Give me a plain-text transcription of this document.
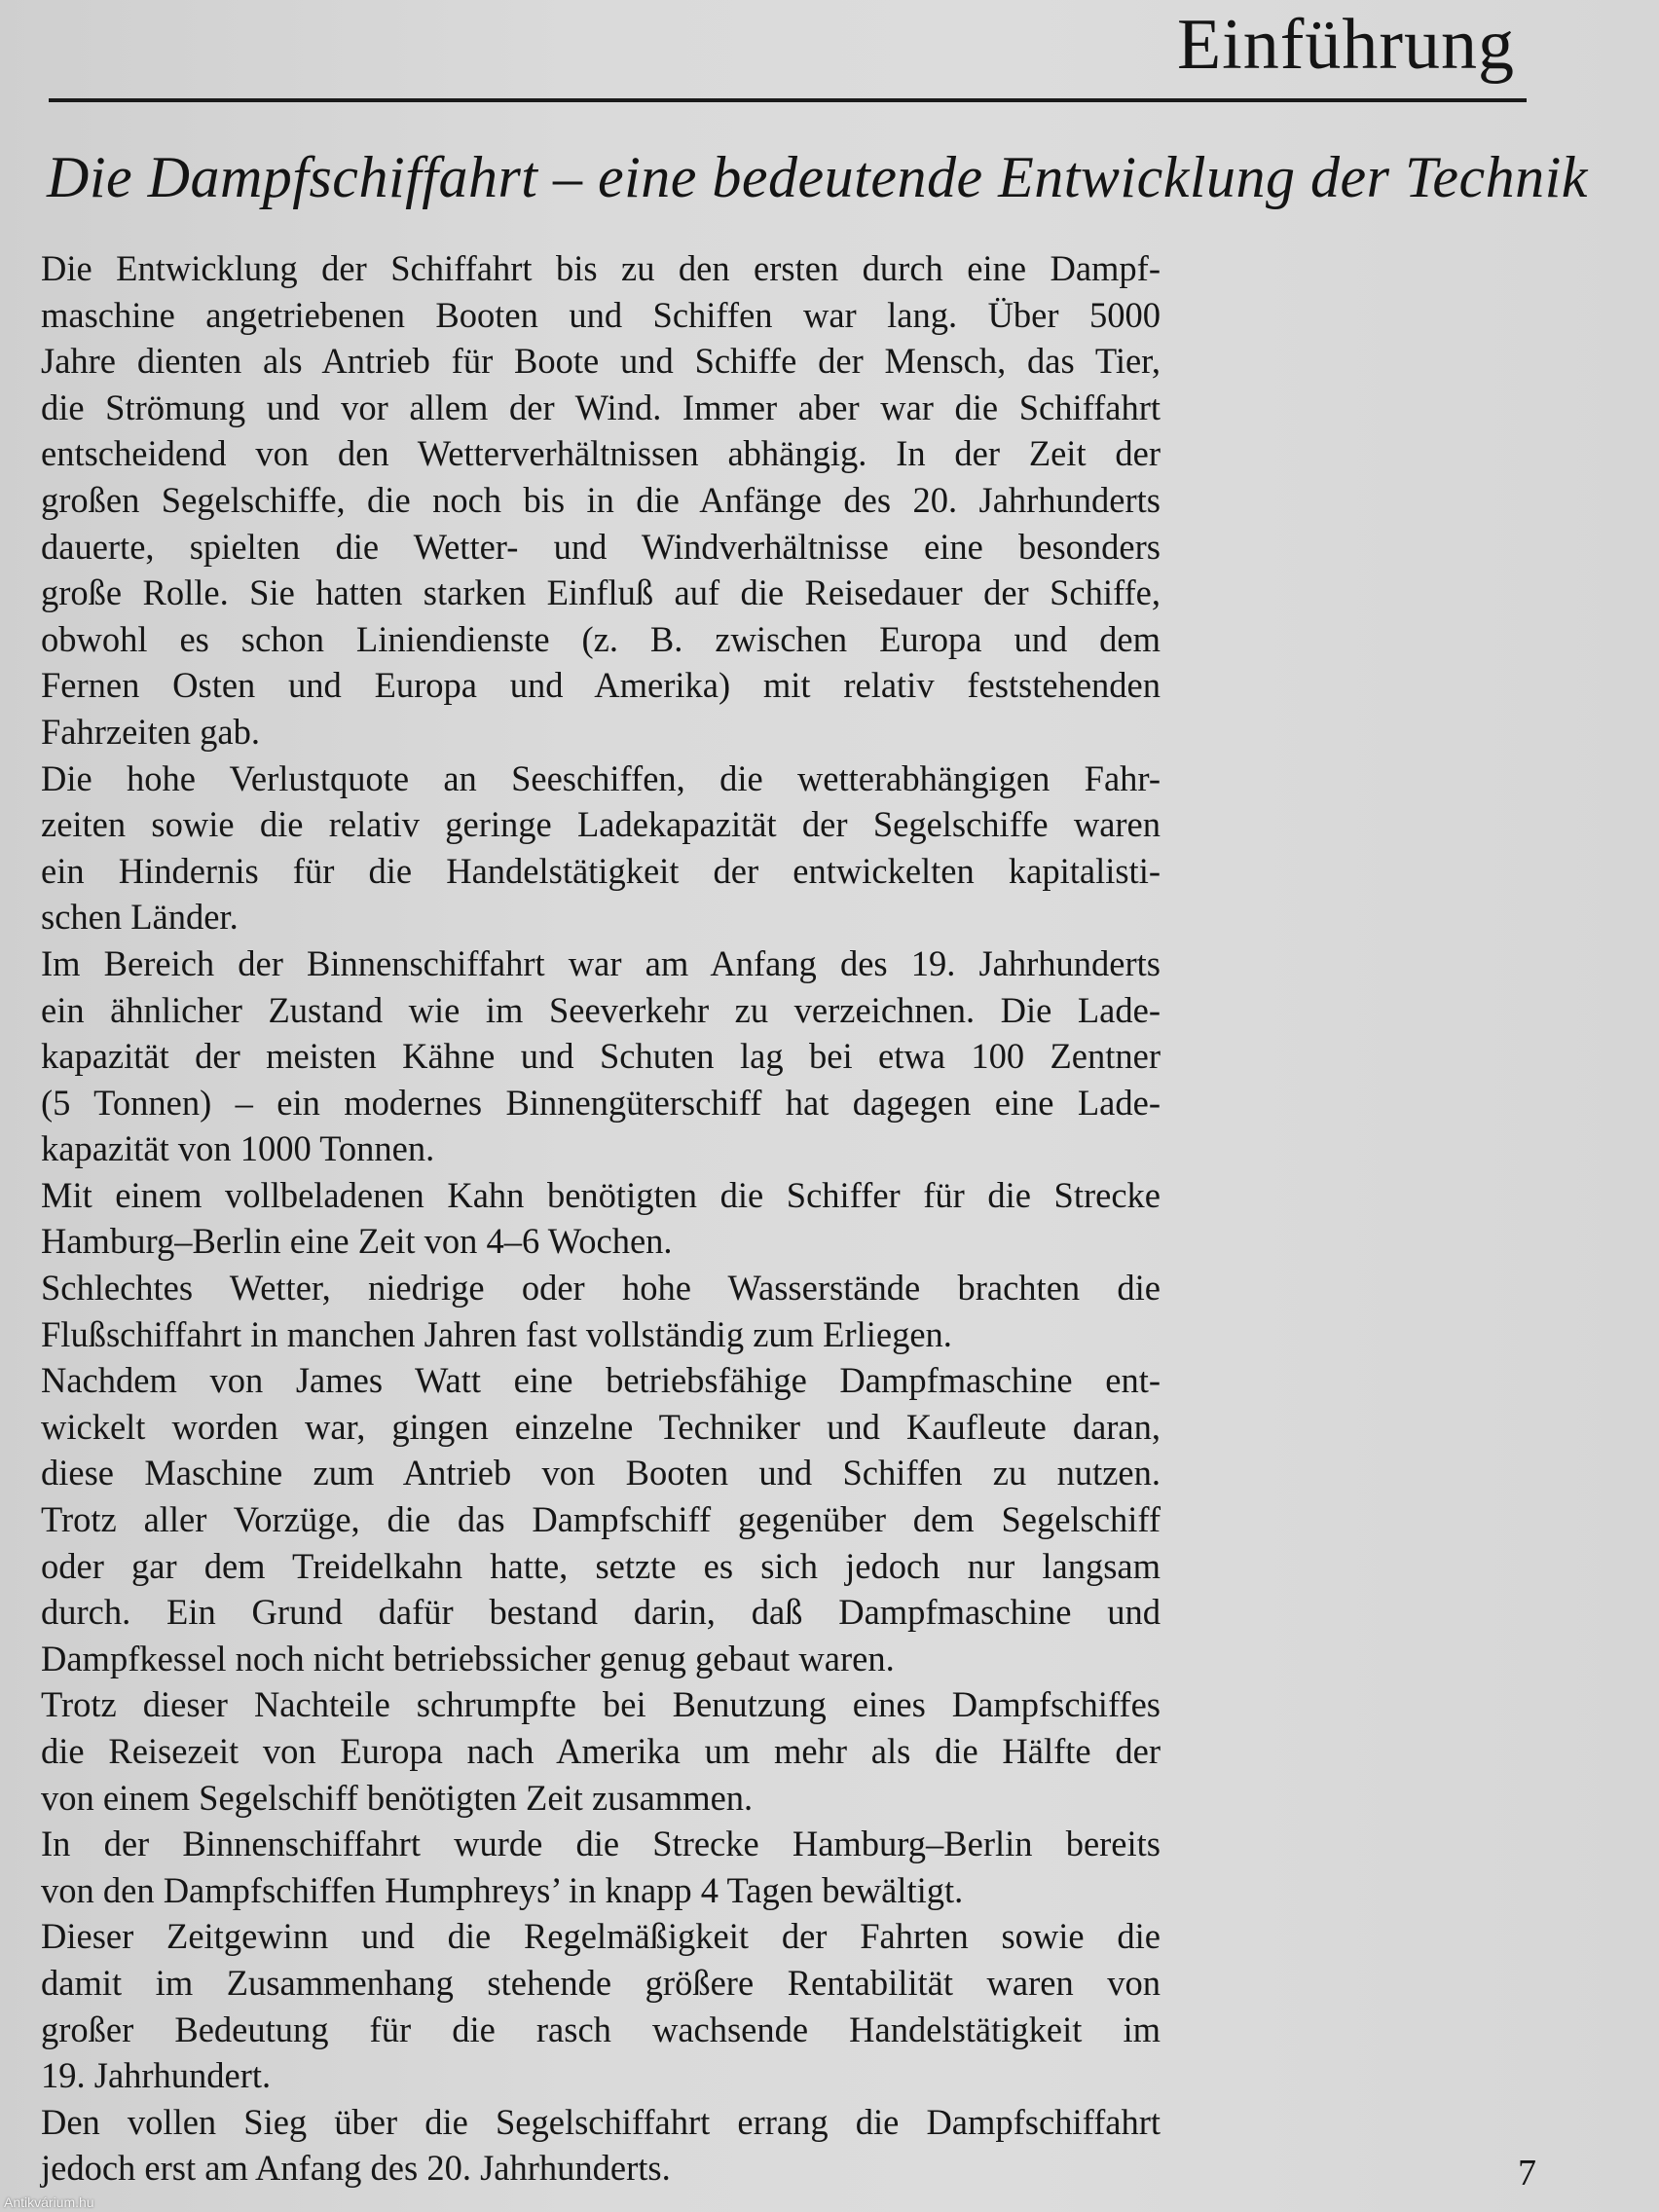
Einführung
Die Dampfschiffahrt – eine bedeutende Entwicklung der Technik
Die Entwicklung der Schiffahrt bis zu den ersten durch eine Dampf-
maschine angetriebenen Booten und Schiffen war lang. Über 5000
Jahre dienten als Antrieb für Boote und Schiffe der Mensch, das Tier,
die Strömung und vor allem der Wind. Immer aber war die Schiffahrt
entscheidend von den Wetterverhältnissen abhängig. In der Zeit der
großen Segelschiffe, die noch bis in die Anfänge des 20. Jahrhunderts
dauerte, spielten die Wetter- und Windverhältnisse eine besonders
große Rolle. Sie hatten starken Einfluß auf die Reisedauer der Schiffe,
obwohl es schon Liniendienste (z. B. zwischen Europa und dem
Fernen Osten und Europa und Amerika) mit relativ feststehenden
Fahrzeiten gab.
Die hohe Verlustquote an Seeschiffen, die wetterabhängigen Fahr-
zeiten sowie die relativ geringe Ladekapazität der Segelschiffe waren
ein Hindernis für die Handelstätigkeit der entwickelten kapitalisti-
schen Länder.
Im Bereich der Binnenschiffahrt war am Anfang des 19. Jahrhunderts
ein ähnlicher Zustand wie im Seeverkehr zu verzeichnen. Die Lade-
kapazität der meisten Kähne und Schuten lag bei etwa 100 Zentner
(5 Tonnen) – ein modernes Binnengüterschiff hat dagegen eine Lade-
kapazität von 1000 Tonnen.
Mit einem vollbeladenen Kahn benötigten die Schiffer für die Strecke
Hamburg–Berlin eine Zeit von 4–6 Wochen.
Schlechtes Wetter, niedrige oder hohe Wasserstände brachten die
Flußschiffahrt in manchen Jahren fast vollständig zum Erliegen.
Nachdem von James Watt eine betriebsfähige Dampfmaschine ent-
wickelt worden war, gingen einzelne Techniker und Kaufleute daran,
diese Maschine zum Antrieb von Booten und Schiffen zu nutzen.
Trotz aller Vorzüge, die das Dampfschiff gegenüber dem Segelschiff
oder gar dem Treidelkahn hatte, setzte es sich jedoch nur langsam
durch. Ein Grund dafür bestand darin, daß Dampfmaschine und
Dampfkessel noch nicht betriebssicher genug gebaut waren.
Trotz dieser Nachteile schrumpfte bei Benutzung eines Dampfschiffes
die Reisezeit von Europa nach Amerika um mehr als die Hälfte der
von einem Segelschiff benötigten Zeit zusammen.
In der Binnenschiffahrt wurde die Strecke Hamburg–Berlin bereits
von den Dampfschiffen Humphreys’ in knapp 4 Tagen bewältigt.
Dieser Zeitgewinn und die Regelmäßigkeit der Fahrten sowie die
damit im Zusammenhang stehende größere Rentabilität waren von
großer Bedeutung für die rasch wachsende Handelstätigkeit im
19. Jahrhundert.
Den vollen Sieg über die Segelschiffahrt errang die Dampfschiffahrt
jedoch erst am Anfang des 20. Jahrhunderts.	7
Antikvárium.hu
